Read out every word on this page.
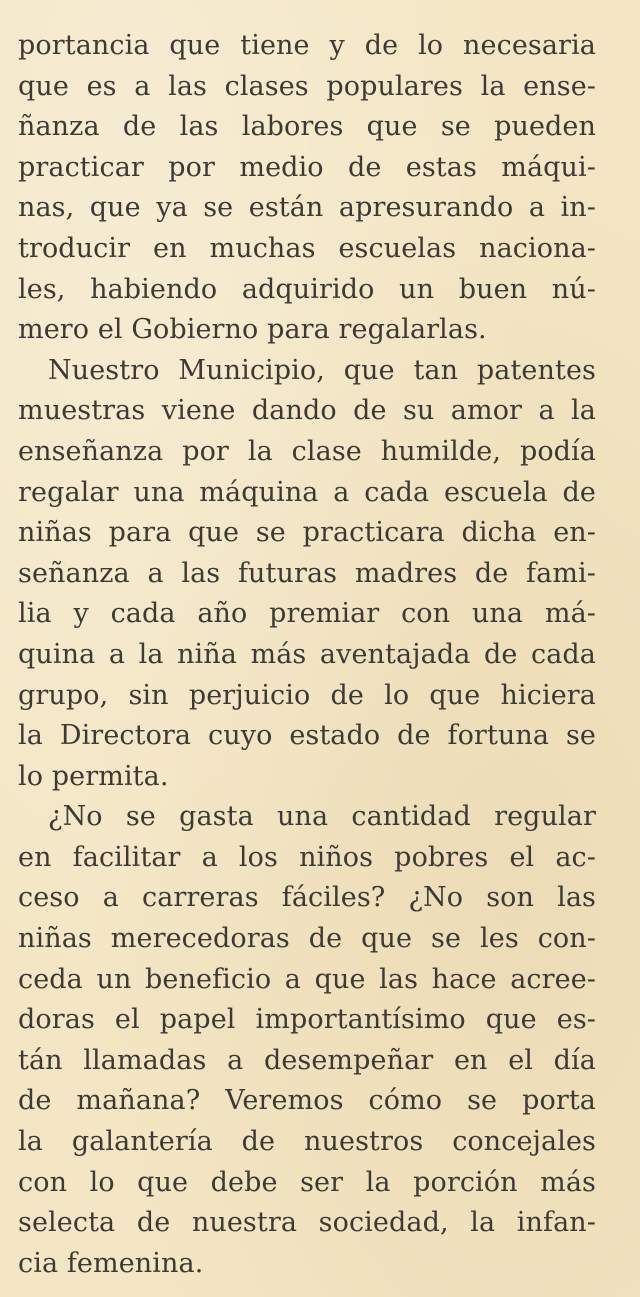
portancia que tiene y de lo necesaria
que es a las clases populares la ense-
ñanza de las labores que se pueden
practicar por medio de estas máqui-
nas, que ya se están apresurando a in-
troducir en muchas escuelas naciona-
les, habiendo adquirido un buen nú-
mero el Gobierno para regalarlas.
Nuestro Municipio, que tan patentes
muestras viene dando de su amor a la
enseñanza por la clase humilde, podía
regalar una máquina a cada escuela de
niñas para que se practicara dicha en-
señanza a las futuras madres de fami-
lia y cada año premiar con una má-
quina a la niña más aventajada de cada
grupo, sin perjuicio de lo que hiciera
la Directora cuyo estado de fortuna se
lo permita.
¿No se gasta una cantidad regular
en facilitar a los niños pobres el ac-
ceso a carreras fáciles? ¿No son las
niñas merecedoras de que se les con-
ceda un beneficio a que las hace acree-
doras el papel importantísimo que es-
tán llamadas a desempeñar en el día
de mañana? Veremos cómo se porta
la galantería de nuestros concejales
con lo que debe ser la porción más
selecta de nuestra sociedad, la infan-
cia femenina.
